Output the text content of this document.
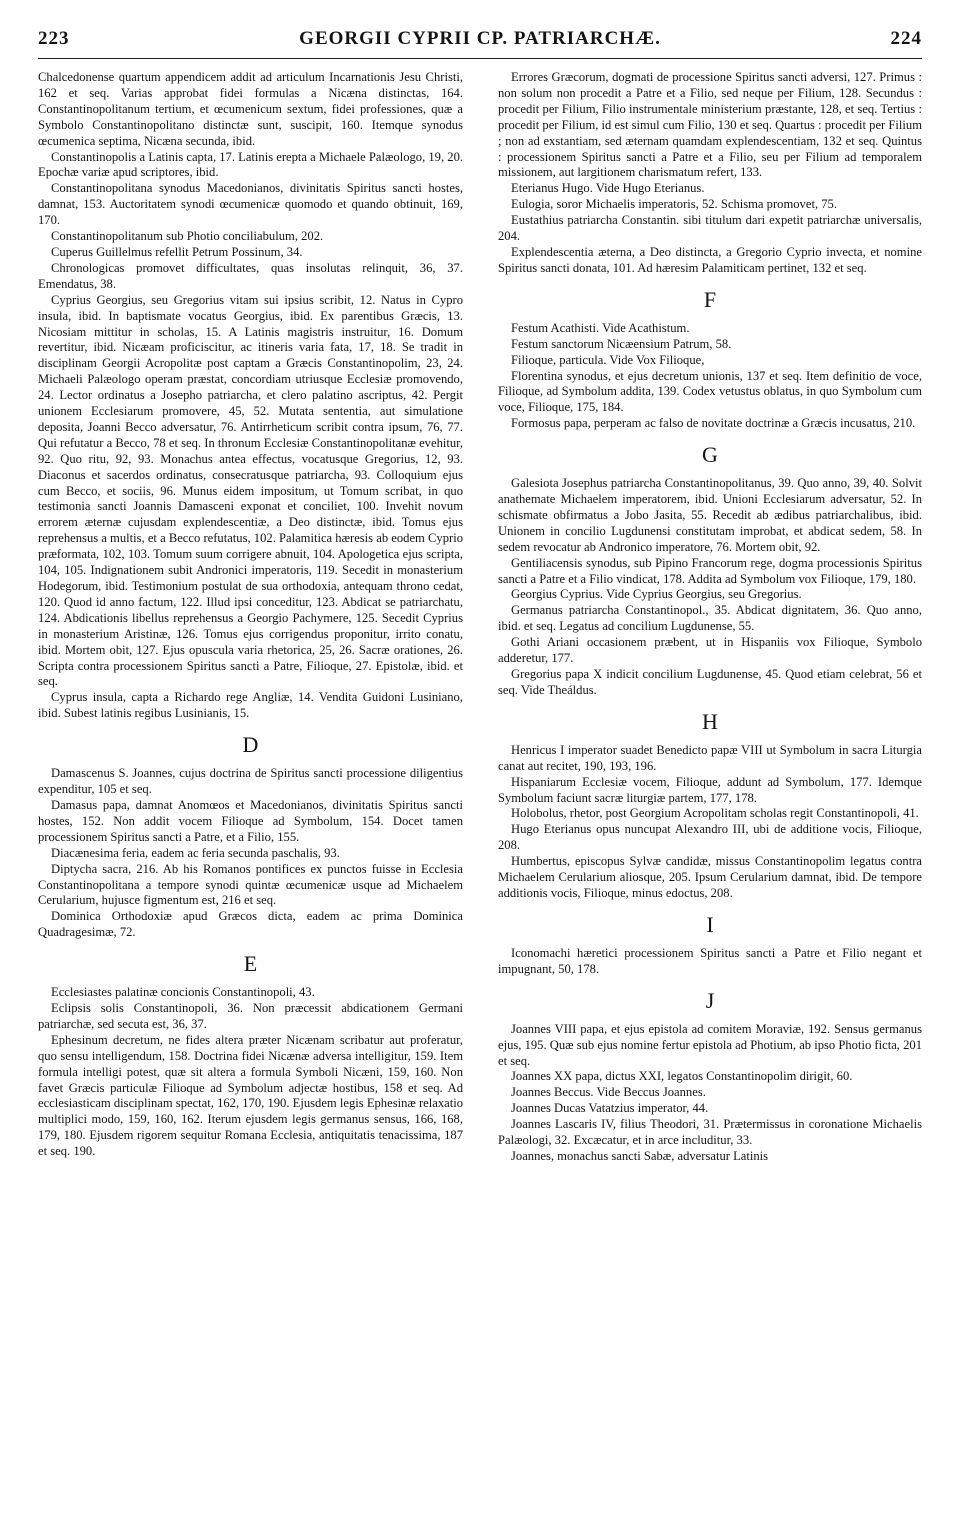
223	GEORGII CYPRII CP. PATRIARCHÆ.	224

Chalcedonense quartum appendicem addit ad articulum Incarnationis Jesu Christi, 162 et seq. Varias approbat fidei formulas a Nicæna distinctas, 164. Constantinopolitanum tertium, et œcumenicum sextum, fidei professiones, quæ a Symbolo Constantinopolitano distinctæ sunt, suscipit, 160. Itemque synodus œcumenica septima, Nicæna secunda, ibid.

Constantinopolis a Latinis capta, 17. Latinis erepta a Michaele Palæologo, 19, 20. Epochæ variæ apud scriptores, ibid.

Constantinopolitana synodus Macedonianos, divinitatis Spiritus sancti hostes, damnat, 153. Auctoritatem synodi œcumenicæ quomodo et quando obtinuit, 169, 170.

Constantinopolitanum sub Photio conciliabulum, 202.

Cuperus Guillelmus refellit Petrum Possinum, 34.

Chronologicas promovet difficultates, quas insolutas relinquit, 36, 37. Emendatus, 38.

Cyprius Georgius, seu Gregorius vitam sui ipsius scribit, 12. Natus in Cypro insula, ibid. In baptismate vocatus Georgius, ibid. Ex parentibus Græcis, 13. Nicosiam mittitur in scholas, 15. A Latinis magistris instruitur, 16. Domum revertitur, ibid. Nicæam proficiscitur, ac itineris varia fata, 17, 18. Se tradit in disciplinam Georgii Acropolitæ post captam a Græcis Constantinopolim, 23, 24. Michaeli Palæologo operam præstat, concordiam utriusque Ecclesiæ promovendo, 24. Lector ordinatus a Josepho patriarcha, et clero palatino ascriptus, 42. Pergit unionem Ecclesiarum promovere, 45, 52. Mutata sententia, aut simulatione deposita, Joanni Becco adversatur, 76. Antirrheticum scribit contra ipsum, 76, 77. Qui refutatur a Becco, 78 et seq. In thronum Ecclesiæ Constantinopolitanæ evehitur, 92. Quo ritu, 92, 93. Monachus antea effectus, vocatusque Gregorius, 12, 93. Diaconus et sacerdos ordinatus, consecratusque patriarcha, 93. Colloquium ejus cum Becco, et sociis, 96. Munus eidem impositum, ut Tomum scribat, in quo testimonia sancti Joannis Damasceni exponat et conciliet, 100. Invehit novum errorem æternæ cujusdam explendescentiæ, a Deo distinctæ, ibid. Tomus ejus reprehensus a multis, et a Becco refutatus, 102. Palamitica hæresis ab eodem Cyprio præformata, 102, 103. Tomum suum corrigere abnuit, 104. Apologetica ejus scripta, 104, 105. Indignationem subit Andronici imperatoris, 119. Secedit in monasterium Hodegorum, ibid. Testimonium postulat de sua orthodoxia, antequam throno cedat, 120. Quod id anno factum, 122. Illud ipsi conceditur, 123. Abdicat se patriarchatu, 124. Abdicationis libellus reprehensus a Georgio Pachymere, 125. Secedit Cyprius in monasterium Aristinæ, 126. Tomus ejus corrigendus proponitur, irrito conatu, ibid. Mortem obit, 127. Ejus opuscula varia rhetorica, 25, 26. Sacræ orationes, 26. Scripta contra processionem Spiritus sancti a Patre, Filioque, 27. Epistolæ, ibid. et seq.

Cyprus insula, capta a Richardo rege Angliæ, 14. Vendita Guidoni Lusiniano, ibid. Subest latinis regibus Lusinianis, 15.

D

Damascenus S. Joannes, cujus doctrina de Spiritus sancti processione diligentius expenditur, 105 et seq.

Damasus papa, damnat Anomœos et Macedonianos, divinitatis Spiritus sancti hostes, 152. Non addit vocem Filioque ad Symbolum, 154. Docet tamen processionem Spiritus sancti a Patre, et a Filio, 155.

Diacænesima feria, eadem ac feria secunda paschalis, 93.

Diptycha sacra, 216. Ab his Romanos pontifices ex punctos fuisse in Ecclesia Constantinopolitana a tempore synodi quintæ œcumenicæ usque ad Michaelem Cerularium, hujusce figmentum est, 216 et seq.

Dominica Orthodoxiæ apud Græcos dicta, eadem ac prima Dominica Quadragesimæ, 72.

E

Ecclesiastes palatinæ concionis Constantinopoli, 43.

Eclipsis solis Constantinopoli, 36. Non præcessit abdicationem Germani patriarchæ, sed secuta est, 36, 37.

Ephesinum decretum, ne fides altera præter Nicænam scribatur aut proferatur, quo sensu intelligendum, 158. Doctrina fidei Nicænæ adversa intelligitur, 159. Item formula intelligi potest, quæ sit altera a formula Symboli Nicæni, 159, 160. Non favet Græcis particulæ Filioque ad Symbolum adjectæ hostibus, 158 et seq. Ad ecclesiasticam disciplinam spectat, 162, 170, 190. Ejusdem legis Ephesinæ relaxatio multiplici modo, 159, 160, 162. Iterum ejusdem legis germanus sensus, 166, 168, 179, 180. Ejusdem rigorem sequitur Romana Ecclesia, antiquitatis tenacissima, 187 et seq. 190.

Errores Græcorum, dogmati de processione Spiritus sancti adversi, 127. Primus : non solum non procedit a Patre et a Filio, sed neque per Filium, 128. Secundus : procedit per Filium, Filio instrumentale ministerium præstante, 128, et seq. Tertius : procedit per Filium, id est simul cum Filio, 130 et seq. Quartus : procedit per Filium ; non ad exstantiam, sed æternam quamdam explendescentiam, 132 et seq. Quintus : processionem Spiritus sancti a Patre et a Filio, seu per Filium ad temporalem missionem, aut largitionem charismatum refert, 133.

Eterianus Hugo. Vide Hugo Eterianus.

Eulogia, soror Michaelis imperatoris, 52. Schisma promovet, 75.

Eustathius patriarcha Constantin. sibi titulum dari expetit patriarchæ universalis, 204.

Explendescentia æterna, a Deo distincta, a Gregorio Cyprio invecta, et nomine Spiritus sancti donata, 101. Ad hæresim Palamiticam pertinet, 132 et seq.

F

Festum Acathisti. Vide Acathistum.

Festum sanctorum Nicæensium Patrum, 58.

Filioque, particula. Vide Vox Filioque,

Florentina synodus, et ejus decretum unionis, 137 et seq. Item definitio de voce, Filioque, ad Symbolum addita, 139. Codex vetustus oblatus, in quo Symbolum cum voce, Filioque, 175, 184.

Formosus papa, perperam ac falso de novitate doctrinæ a Græcis incusatus, 210.

G

Galesiota Josephus patriarcha Constantinopolitanus, 39. Quo anno, 39, 40. Solvit anathemate Michaelem imperatorem, ibid. Unioni Ecclesiarum adversatur, 52. In schismate obfirmatus a Jobo Jasita, 55. Recedit ab ædibus patriarchalibus, ibid. Unionem in concilio Lugdunensi constitutam improbat, et abdicat sedem, 58. In sedem revocatur ab Andronico imperatore, 76. Mortem obit, 92.

Gentiliacensis synodus, sub Pipino Francorum rege, dogma processionis Spiritus sancti a Patre et a Filio vindicat, 178. Addita ad Symbolum vox Filioque, 179, 180.

Georgius Cyprius. Vide Cyprius Georgius, seu Gregorius.

Germanus patriarcha Constantinopol., 35. Abdicat dignitatem, 36. Quo anno, ibid. et seq. Legatus ad concilium Lugdunense, 55.

Gothi Ariani occasionem præbent, ut in Hispaniis vox Filioque, Symbolo adderetur, 177.

Gregorius papa X indicit concilium Lugdunense, 45. Quod etiam celebrat, 56 et seq. Vide Theáldus.

H

Henricus I imperator suadet Benedicto papæ VIII ut Symbolum in sacra Liturgia canat aut recitet, 190, 193, 196.

Hispaniarum Ecclesiæ vocem, Filioque, addunt ad Symbolum, 177. Idemque Symbolum faciunt sacræ liturgiæ partem, 177, 178.

Holobolus, rhetor, post Georgium Acropolitam scholas regit Constantinopoli, 41.

Hugo Eterianus opus nuncupat Alexandro III, ubi de additione vocis, Filioque, 208.

Humbertus, episcopus Sylvæ candidæ, missus Constantinopolim legatus contra Michaelem Cerularium aliosque, 205. Ipsum Cerularium damnat, ibid. De tempore additionis vocis, Filioque, minus edoctus, 208.

I

Iconomachi hæretici processionem Spiritus sancti a Patre et Filio negant et impugnant, 50, 178.

J

Joannes VIII papa, et ejus epistola ad comitem Moraviæ, 192. Sensus germanus ejus, 195. Quæ sub ejus nomine fertur epistola ad Photium, ab ipso Photio ficta, 201 et seq.

Joannes XX papa, dictus XXI, legatos Constantinopolim dirigit, 60.

Joannes Beccus. Vide Beccus Joannes.

Joannes Ducas Vatatzius imperator, 44.

Joannes Lascaris IV, filius Theodori, 31. Prætermissus in coronatione Michaelis Palæologi, 32. Excæcatur, et in arce includitur, 33.

Joannes, monachus sancti Sabæ, adversatur Latinis
